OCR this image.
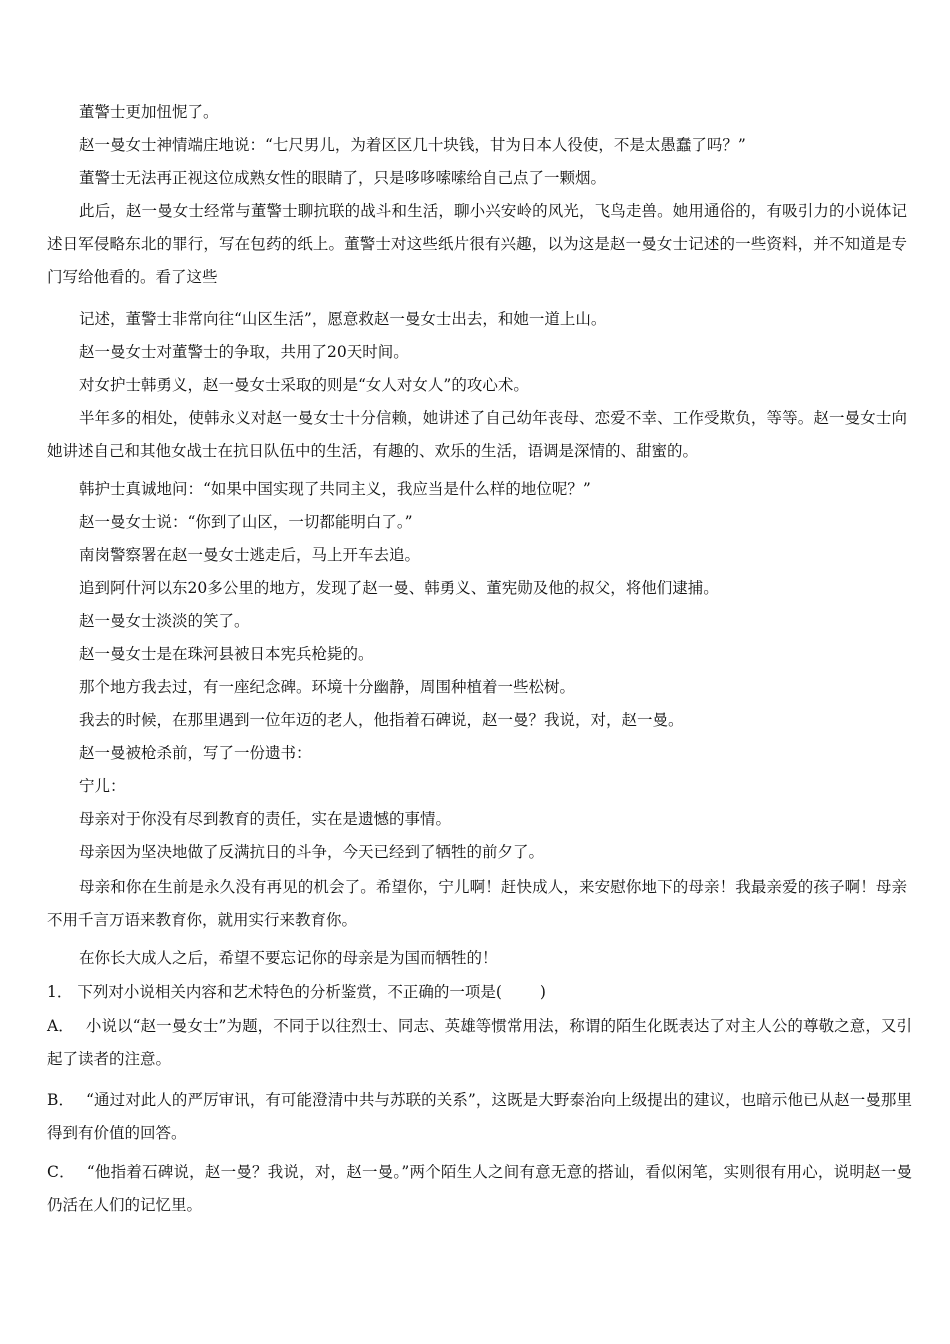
董警士更加忸怩了。

赵一曼女士神情端庄地说：“七尺男儿，为着区区几十块钱，甘为日本人役使，不是太愚蠢了吗？”

董警士无法再正视这位成熟女性的眼睛了，只是哆哆嗦嗦给自己点了一颗烟。

此后，赵一曼女士经常与董警士聊抗联的战斗和生活，聊小兴安岭的风光，飞鸟走兽。她用通俗的，有吸引力的小说体记述日军侵略东北的罪行，写在包药的纸上。董警士对这些纸片很有兴趣，以为这是赵一曼女士记述的一些资料，并不知道是专门写给他看的。看了这些

记述，董警士非常向往“山区生活”，愿意救赵一曼女士出去，和她一道上山。

赵一曼女士对董警士的争取，共用了20天时间。

对女护士韩勇义，赵一曼女士采取的则是“女人对女人”的攻心术。

半年多的相处，使韩永义对赵一曼女士十分信赖，她讲述了自己幼年丧母、恋爱不幸、工作受欺负，等等。赵一曼女士向她讲述自己和其他女战士在抗日队伍中的生活，有趣的、欢乐的生活，语调是深情的、甜蜜的。

韩护士真诚地问：“如果中国实现了共同主义，我应当是什么样的地位呢？”

赵一曼女士说：“你到了山区，一切都能明白了。”

南岗警察署在赵一曼女士逃走后，马上开车去追。

追到阿什河以东20多公里的地方，发现了赵一曼、韩勇义、董宪勋及他的叔父，将他们逮捕。

赵一曼女士淡淡的笑了。

赵一曼女士是在珠河县被日本宪兵枪毙的。

那个地方我去过，有一座纪念碑。环境十分幽静，周围种植着一些松树。

我去的时候，在那里遇到一位年迈的老人，他指着石碑说，赵一曼？我说，对，赵一曼。

赵一曼被枪杀前，写了一份遗书：

宁儿：

母亲对于你没有尽到教育的责任，实在是遗憾的事情。

母亲因为坚决地做了反满抗日的斗争，今天已经到了牺牲的前夕了。

母亲和你在生前是永久没有再见的机会了。希望你，宁儿啊！赶快成人，来安慰你地下的母亲！我最亲爱的孩子啊！母亲不用千言万语来教育你，就用实行来教育你。

在你长大成人之后，希望不要忘记你的母亲是为国而牺牲的！

1． 下列对小说相关内容和艺术特色的分析鉴赏，不正确的一项是( )
A． 小说以“赵一曼女士”为题，不同于以往烈士、同志、英雄等惯常用法，称谓的陌生化既表达了对主人公的尊敬之意，又引起了读者的注意。
B． “通过对此人的严厉审讯，有可能澄清中共与苏联的关系”，这既是大野泰治向上级提出的建议，也暗示他已从赵一曼那里得到有价值的回答。
C． “他指着石碑说，赵一曼？我说，对，赵一曼。”两个陌生人之间有意无意的搭讪，看似闲笔，实则很有用心，说明赵一曼仍活在人们的记忆里。
